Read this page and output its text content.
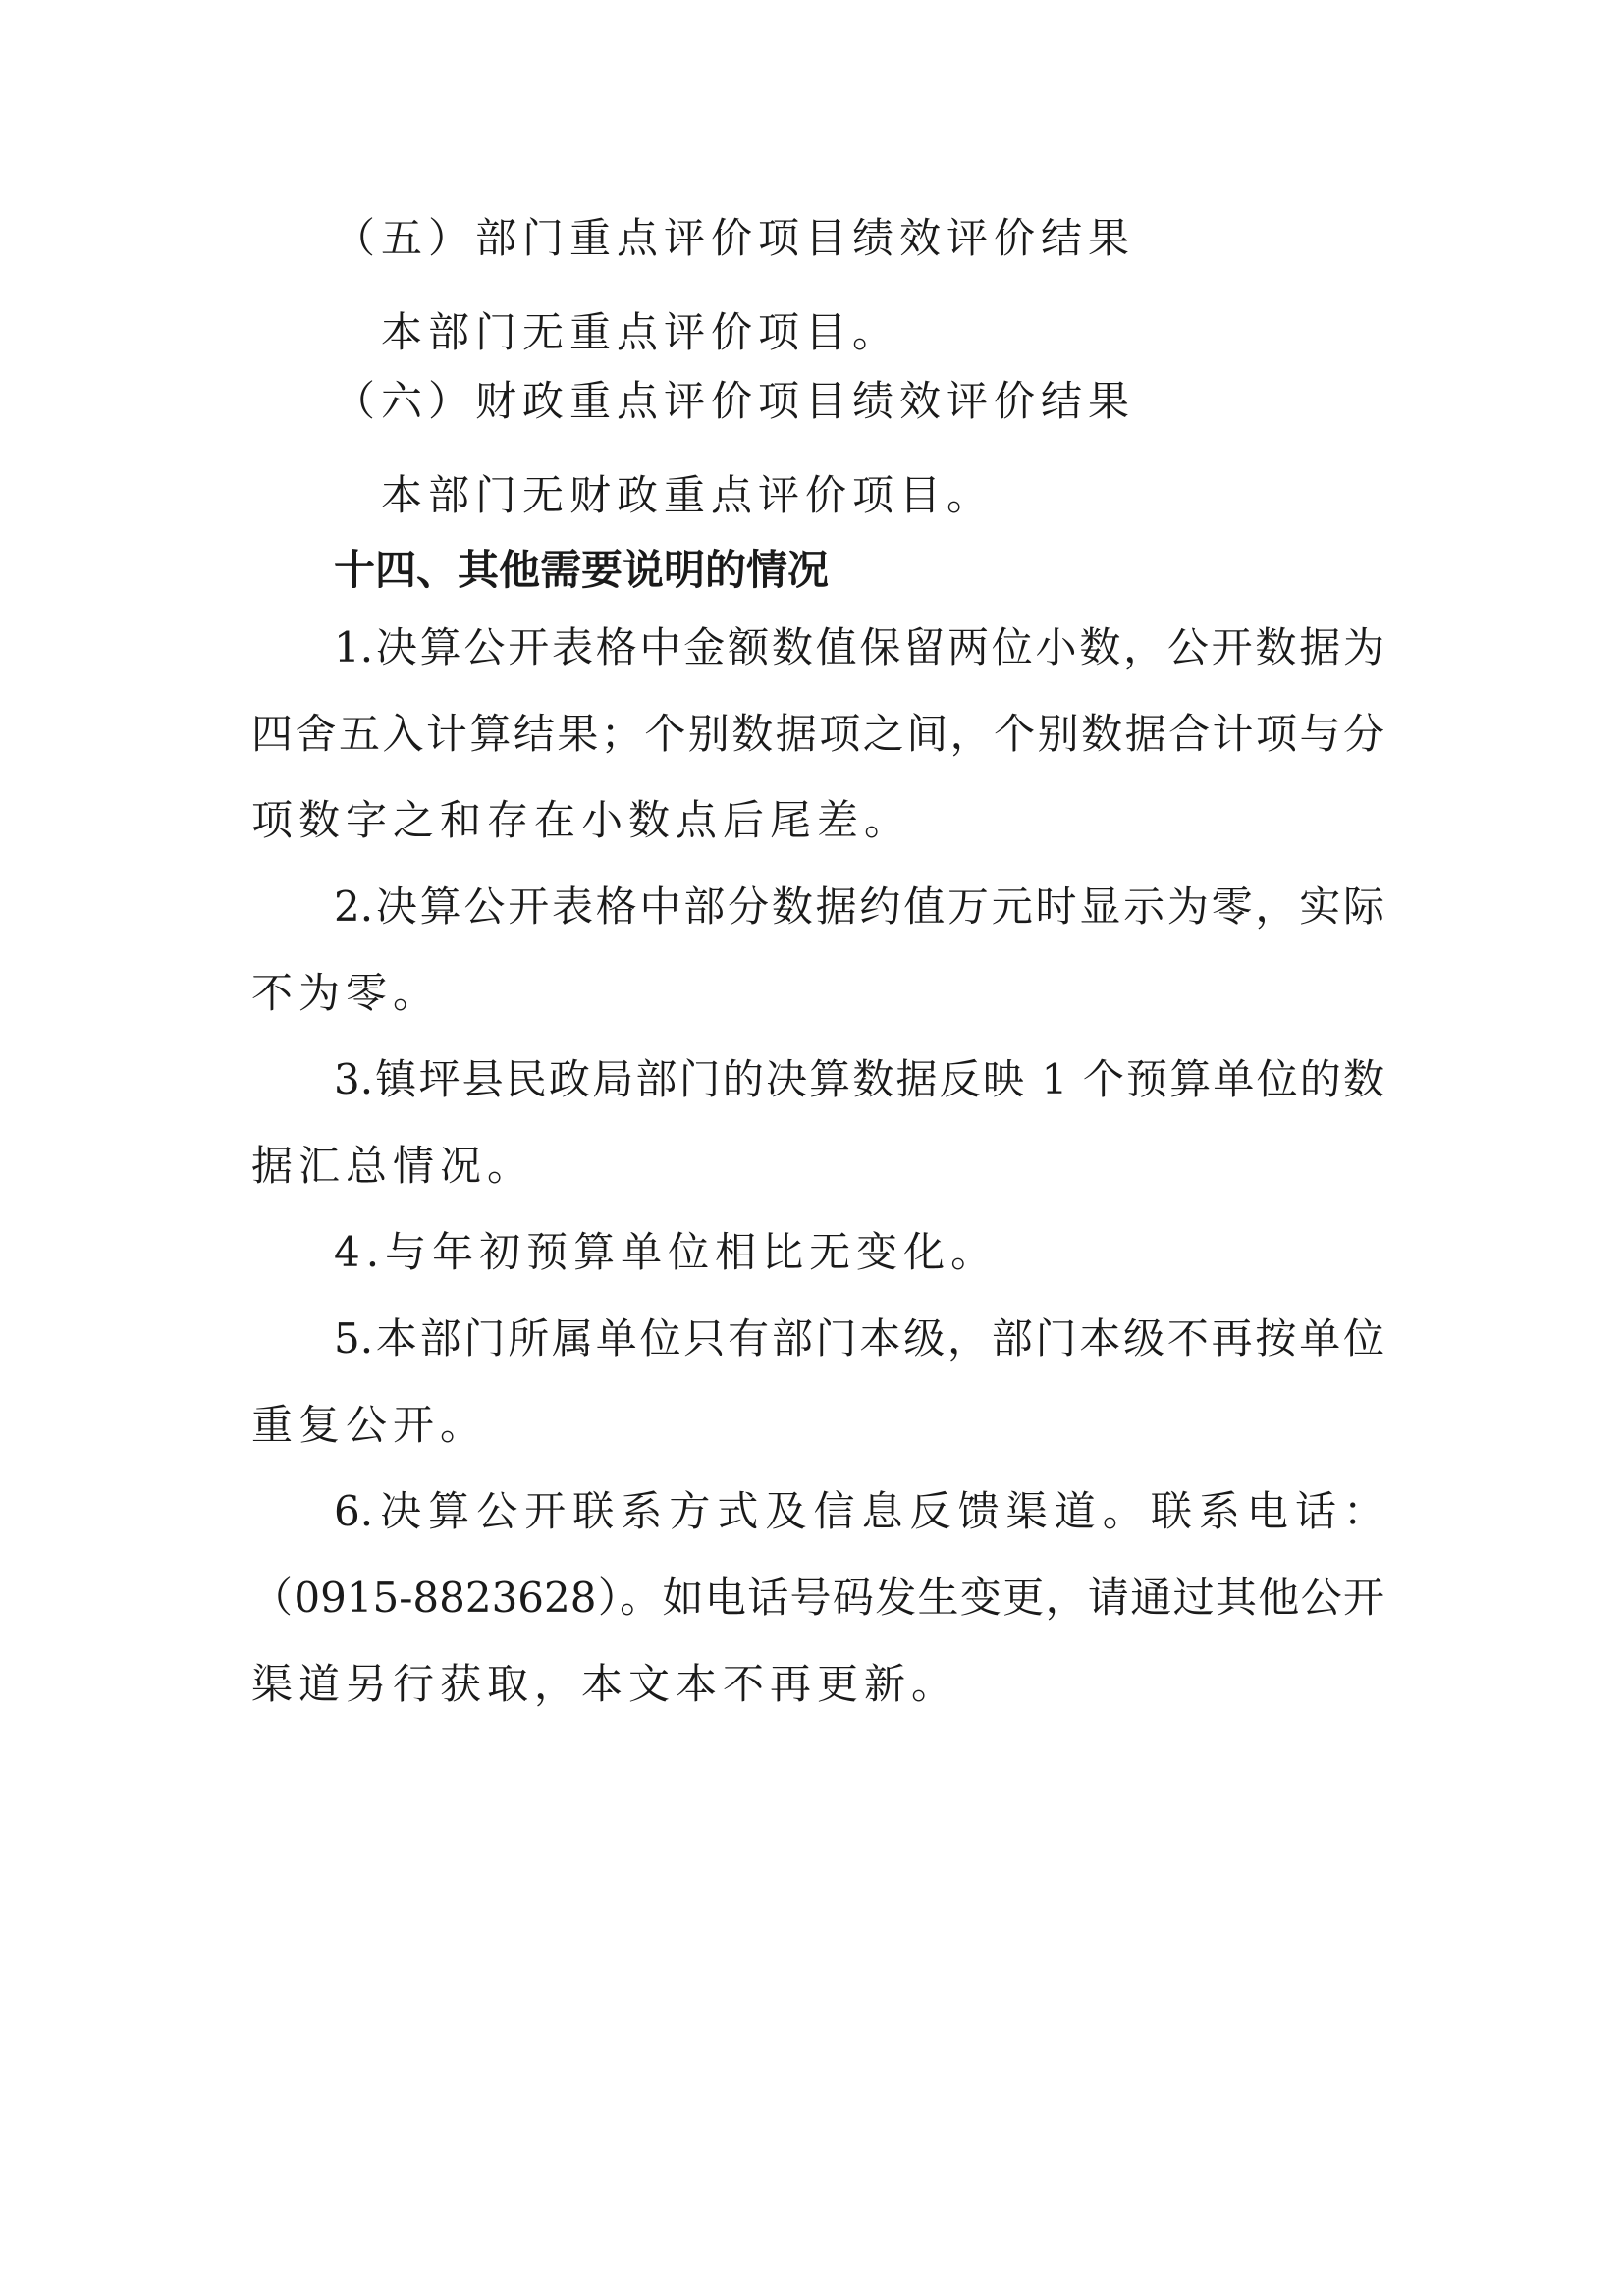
（五）部门重点评价项目绩效评价结果
本部门无重点评价项目。
（六）财政重点评价项目绩效评价结果
本部门无财政重点评价项目。
十四、其他需要说明的情况
1.决算公开表格中金额数值保留两位小数，公开数据为
四舍五入计算结果；个别数据项之间，个别数据合计项与分
项数字之和存在小数点后尾差。
2.决算公开表格中部分数据约值万元时显示为零，实际
不为零。
3.镇坪县民政局部门的决算数据反映 1 个预算单位的数
据汇总情况。
4.与年初预算单位相比无变化。
5.本部门所属单位只有部门本级，部门本级不再按单位
重复公开。
6.决算公开联系方式及信息反馈渠道。联系电话：
（0915-8823628）。如电话号码发生变更，请通过其他公开
渠道另行获取，本文本不再更新。
